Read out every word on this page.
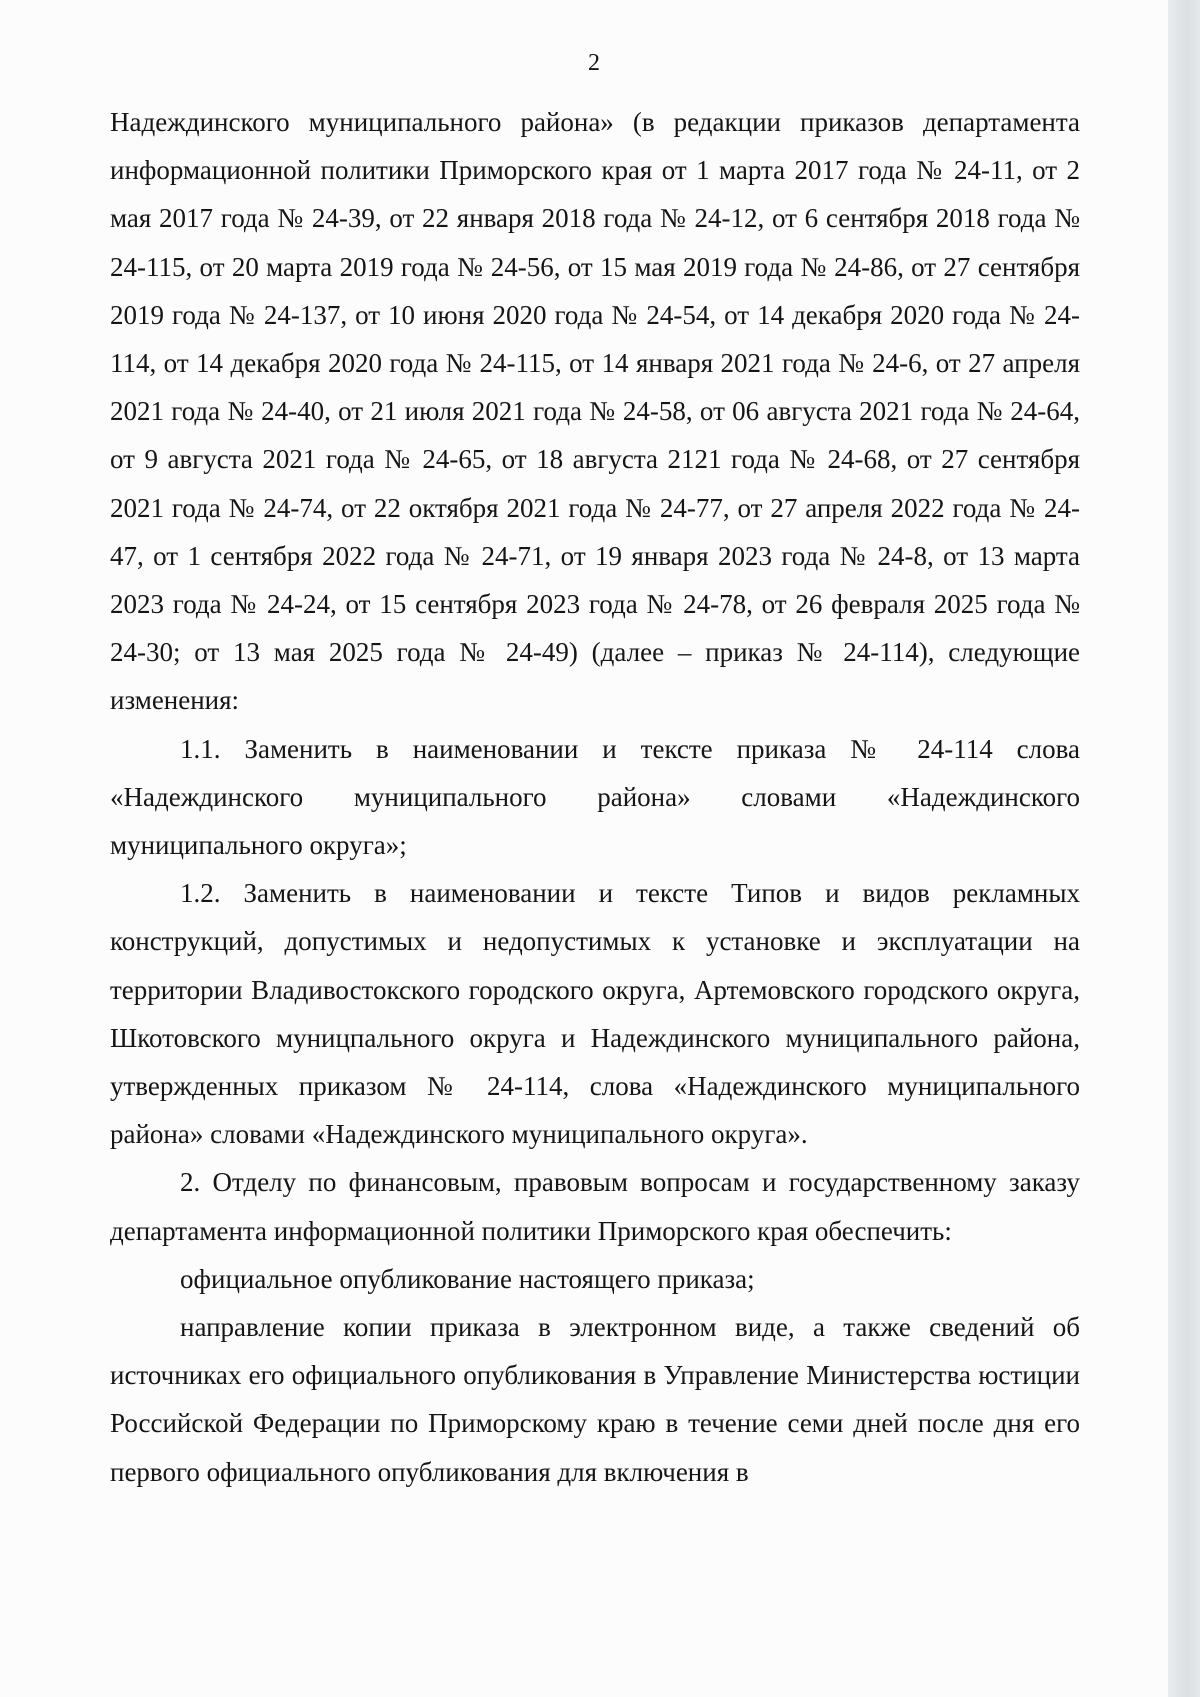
2

Надеждинского муниципального района» (в редакции приказов департамента информационной политики Приморского края от 1 марта 2017 года № 24-11, от 2 мая 2017 года № 24-39, от 22 января 2018 года № 24-12, от 6 сентября 2018 года № 24-115, от 20 марта 2019 года № 24-56, от 15 мая 2019 года № 24-86, от 27 сентября 2019 года № 24-137, от 10 июня 2020 года № 24-54, от 14 декабря 2020 года № 24-114, от 14 декабря 2020 года № 24-115, от 14 января 2021 года № 24-6, от 27 апреля 2021 года № 24-40, от 21 июля 2021 года № 24-58, от 06 августа 2021 года № 24-64, от 9 августа 2021 года № 24-65, от 18 августа 2121 года № 24-68, от 27 сентября 2021 года № 24-74, от 22 октября 2021 года № 24-77, от 27 апреля 2022 года № 24-47, от 1 сентября 2022 года № 24-71, от 19 января 2023 года № 24-8, от 13 марта 2023 года № 24-24, от 15 сентября 2023 года № 24-78, от 26 февраля 2025 года № 24-30; от 13 мая 2025 года № 24-49) (далее – приказ № 24-114), следующие изменения:

1.1. Заменить в наименовании и тексте приказа № 24-114 слова «Надеждинского муниципального района» словами «Надеждинского муниципального округа»;

1.2. Заменить в наименовании и тексте Типов и видов рекламных конструкций, допустимых и недопустимых к установке и эксплуатации на территории Владивостокского городского округа, Артемовского городского округа, Шкотовского муницпального округа и Надеждинского муниципального района, утвержденных приказом № 24-114, слова «Надеждинского муниципального района» словами «Надеждинского муниципального округа».

2. Отделу по финансовым, правовым вопросам и государственному заказу департамента информационной политики Приморского края обеспечить:

официальное опубликование настоящего приказа;

направление копии приказа в электронном виде, а также сведений об источниках его официального опубликования в Управление Министерства юстиции Российской Федерации по Приморскому краю в течение семи дней после дня его первого официального опубликования для включения в
